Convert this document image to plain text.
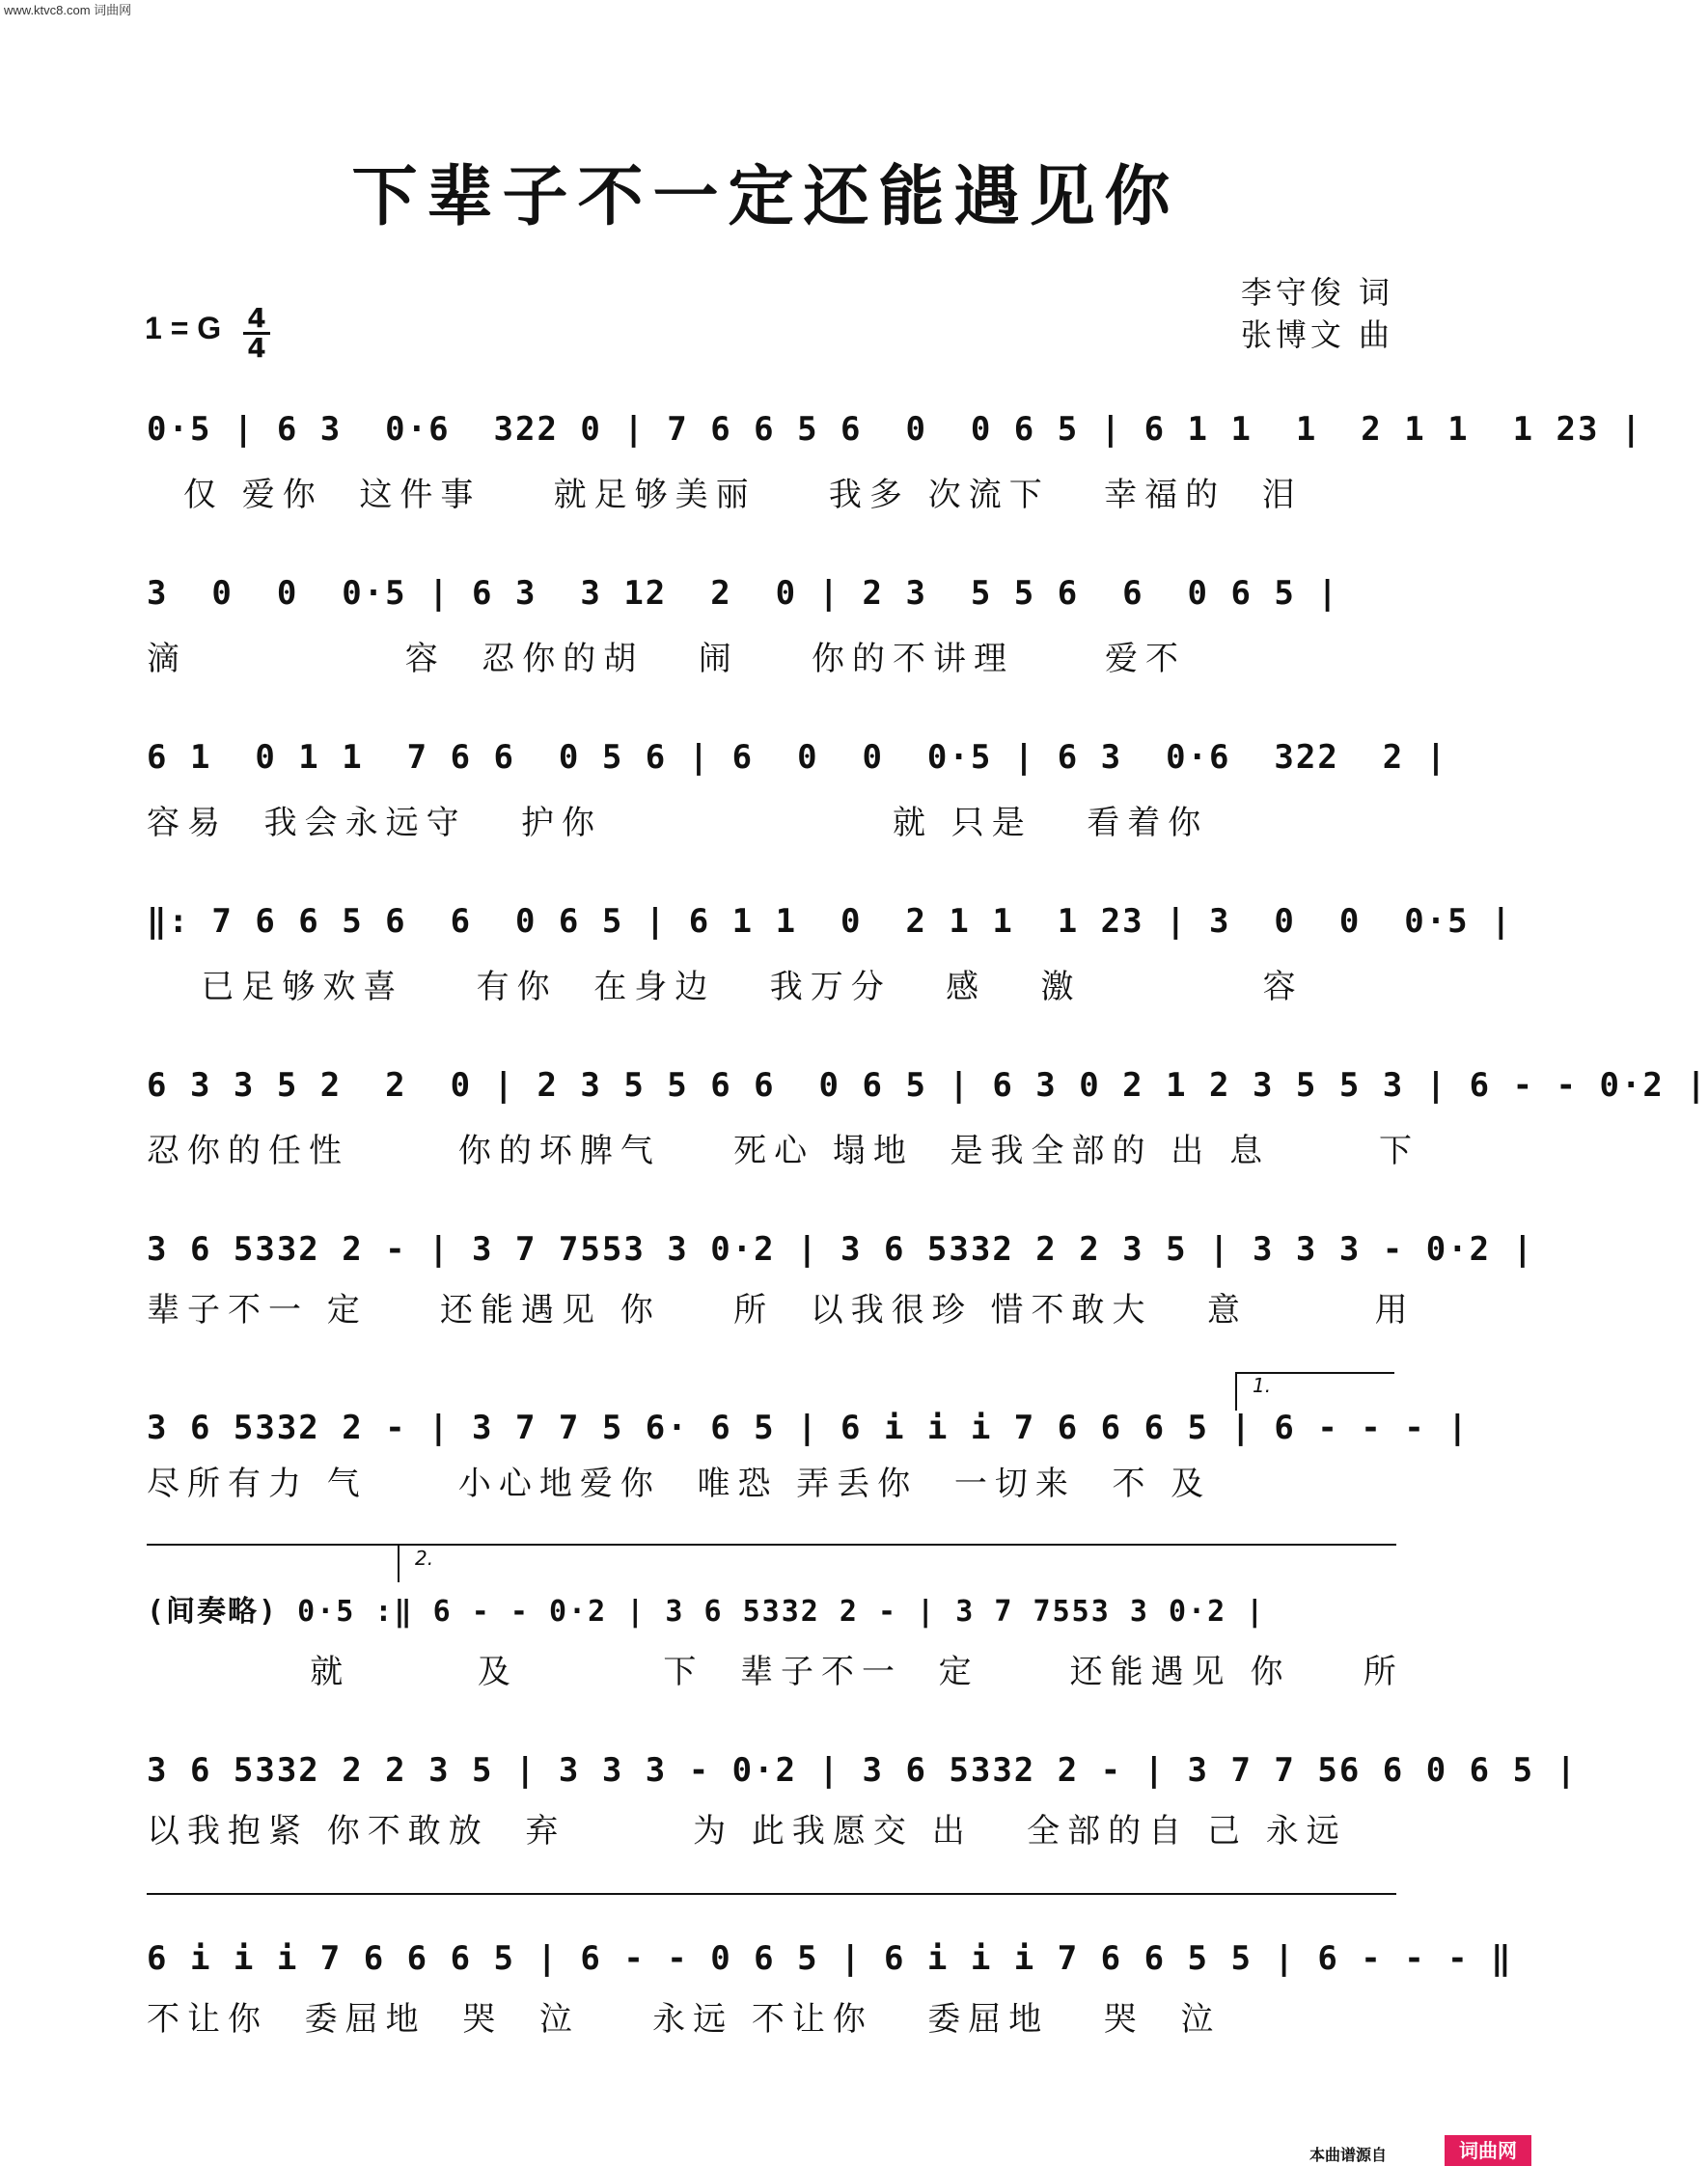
www.ktvc8.com 词曲网
下辈子不一定还能遇见你
李守俊 词
张博文 曲
1 = G 4
4
0·5 | 6 3  0·6  322 0 | 7 6 6 5 6  0  0 6 5 | 6 1 1  1  2 1 1  1 23 |
仅 爱你  这件事    就足够美丽    我多 次流下   幸福的  泪
3  0  0  0·5 | 6 3  3 12  2  0 | 2 3  5 5 6  6  0 6 5 |
滴            容  忍你的胡   闹    你的不讲理     爱不
6 1  0 1 1  7 6 6  0 5 6 | 6  0  0  0·5 | 6 3  0·6  322  2 |
容易  我会永远守   护你                就 只是   看着你
‖: 7 6 6 5 6  6  0 6 5 | 6 1 1  0  2 1 1  1 23 | 3  0  0  0·5 |
已足够欢喜    有你  在身边   我万分   感   激          容
6 3 3 5 2  2  0 | 2 3 5 5 6 6  0 6 5 | 6 3 0 2 1 2 3 5 5 3 | 6 - - 0·2 |
忍你的任性      你的坏脾气    死心 塌地  是我全部的 出 息      下
3 6 5332 2 - | 3 7 7553 3 0·2 | 3 6 5332 2 2 3 5 | 3 3 3 - 0·2 |
辈子不一 定    还能遇见 你    所  以我很珍 惜不敢大   意       用
1.
3 6 5332 2 - | 3 7 7 5 6· 6 5 | 6 i i i 7 6 6 6 5 | 6 - - - |
尽所有力 气     小心地爱你  唯恐 弄丢你  一切来  不 及
2.
(间奏略) 0·5 :‖ 6 - - 0·2 | 3 6 5332 2 - | 3 7 7553 3 0·2 |
就       及        下  辈子不一  定     还能遇见 你    所
3 6 5332 2 2 3 5 | 3 3 3 - 0·2 | 3 6 5332 2 - | 3 7 7 56 6 0 6 5 |
以我抱紧 你不敢放  弃       为 此我愿交 出   全部的自 己 永远
6 i i i 7 6 6 6 5 | 6 - - 0 6 5 | 6 i i i 7 6 6 5 5 | 6 - - - ‖
不让你  委屈地  哭  泣    永远 不让你   委屈地   哭  泣
本曲谱源自	词曲网
